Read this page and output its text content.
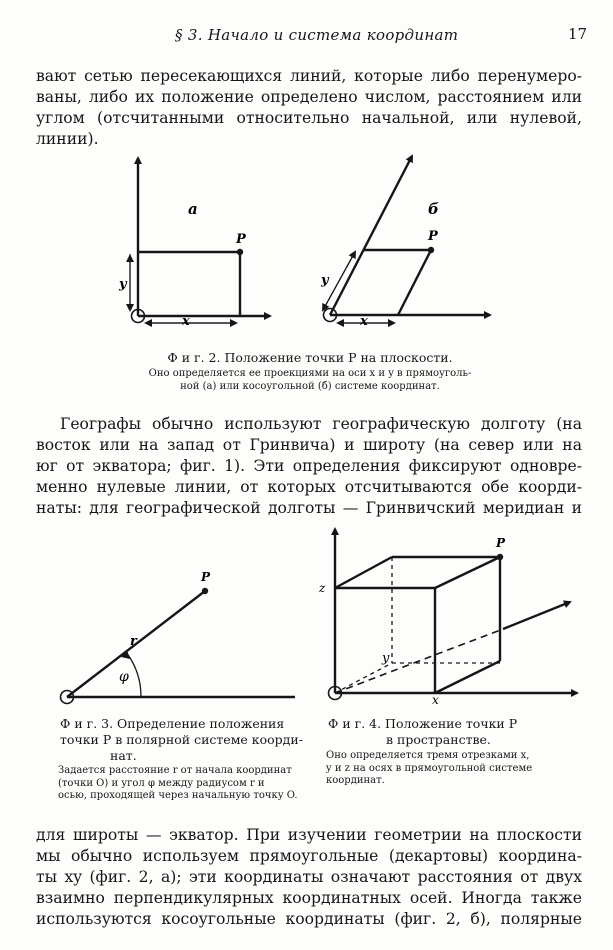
§ 3. Начало и система координат	17
вают сетью пересекающихся линий, которые либо перенумеро-
ваны, либо их положение определено числом, расстоянием или
углом (отсчитанными относительно начальной, или нулевой,
линии).
a
P
x
y
б
P
x
y
Ф и г. 2. Положение точки P на плоскости.
Оно определяется ее проекциями на оси x и y в прямоуголь-
ной (a) или косоугольной (б) системе координат.
Географы обычно используют географическую долготу (на
восток или на запад от Гринвича) и широту (на север или на
юг от экватора; фиг. 1). Эти определения фиксируют одновре-
менно нулевые линии, от которых отсчитываются обе коорди-
наты: для географической долготы — Гринвичский меридиан и
P
r
φ
Ф и г. 3. Определение положения
точки P в полярной системе коорди-
нат.
Задается расстояние r от начала координат
(точки O) и угол φ между радиусом r и
осью, проходящей через начальную точку O.
P
z
y
x
Ф и г. 4. Положение точки P
в пространстве.
Оно определяется тремя отрезками x,
y и z на осях в прямоугольной системе
координат.
для широты — экватор. При изучении геометрии на плоскости
мы обычно используем прямоугольные (декартовы) координа-
ты xy (фиг. 2, a); эти координаты означают расстояния от двух
взаимно перпендикулярных координатных осей. Иногда также
используются косоугольные координаты (фиг. 2, б), полярные
